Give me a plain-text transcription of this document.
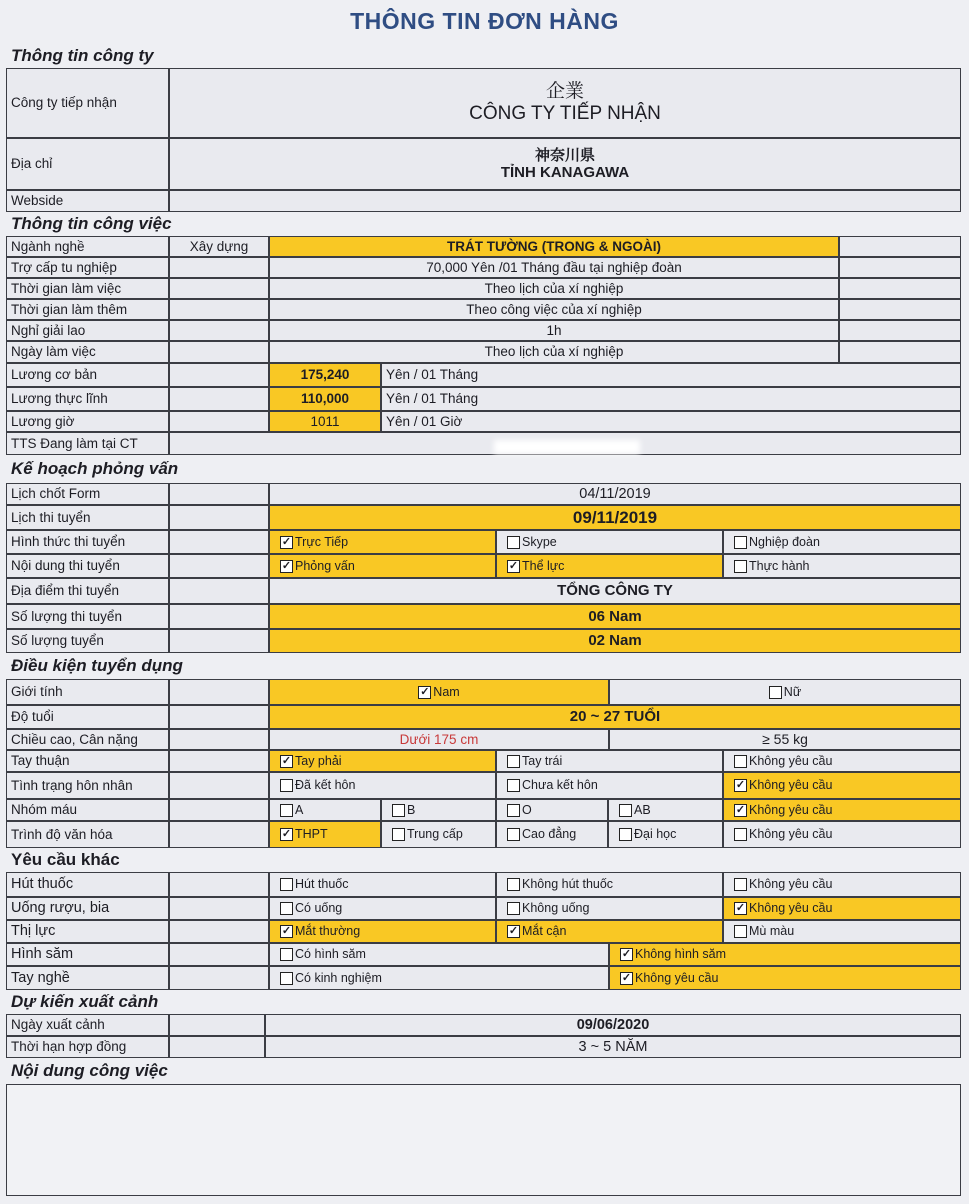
THÔNG TIN ĐƠN HÀNG
Thông tin công ty
Công ty tiếp nhận
企業
CÔNG TY TIẾP NHẬN
Địa chỉ	神奈川県
TỈNH KANAGAWA
Webside
Thông tin công việc
Ngành nghề	Xây dựng	TRÁT TƯỜNG (TRONG & NGOÀI)
Trợ cấp tu nghiệp	70,000 Yên /01 Tháng đầu tại nghiệp đoàn
Thời gian làm việc	Theo lịch của xí nghiệp
Thời gian làm thêm	Theo công việc của xí nghiệp
Nghỉ giải lao	1h
Ngày làm việc	Theo lịch của xí nghiệp
Lương cơ bản	175,240	Yên / 01 Tháng
Lương thực lĩnh	110,000	Yên / 01 Tháng
Lương giờ	1011	Yên / 01 Giờ
TTS Đang làm tại CT
Kế hoạch phỏng vấn
Lịch chốt Form	04/11/2019
Lịch thi tuyển	09/11/2019
Hình thức thi tuyển ✓	Trực Tiếp	Skype	Nghiệp đoàn
Nội dung thi tuyển ✓	Phỏng vấn ✓	Thể lực	Thực hành
Địa điểm thi tuyển	TỔNG CÔNG TY
Số lượng thi tuyển	06 Nam
Số lượng tuyển	02 Nam
Điều kiện tuyển dụng
Giới tính ✓	Nam	Nữ
Độ tuổi	20 ~ 27 TUỔI
Chiều cao, Cân nặng	Dưới 175 cm	≥ 55 kg
Tay thuận ✓	Tay phải	Tay trái	Không yêu cầu
Tình trạng hôn nhân	Đã kết hôn	Chưa kết hôn ✓	Không yêu cầu
Nhóm máu	A	B	O	AB ✓	Không yêu cầu
Trình độ văn hóa ✓	THPT	Trung cấp	Cao đẳng	Đại học	Không yêu cầu
Yêu cầu khác
Hút thuốc	Hút thuốc	Không hút thuốc	Không yêu cầu
Uống rượu, bia	Có uống	Không uống ✓	Không yêu cầu
Thị lực ✓	Mắt thường ✓	Mắt cận	Mù màu
Hình săm	Có hình săm ✓	Không hình săm
Tay nghề	Có kinh nghiệm ✓	Không yêu cầu
Dự kiến xuất cảnh
Ngày xuất cảnh	09/06/2020
Thời hạn hợp đồng	3 ~ 5 NĂM
Nội dung công việc
